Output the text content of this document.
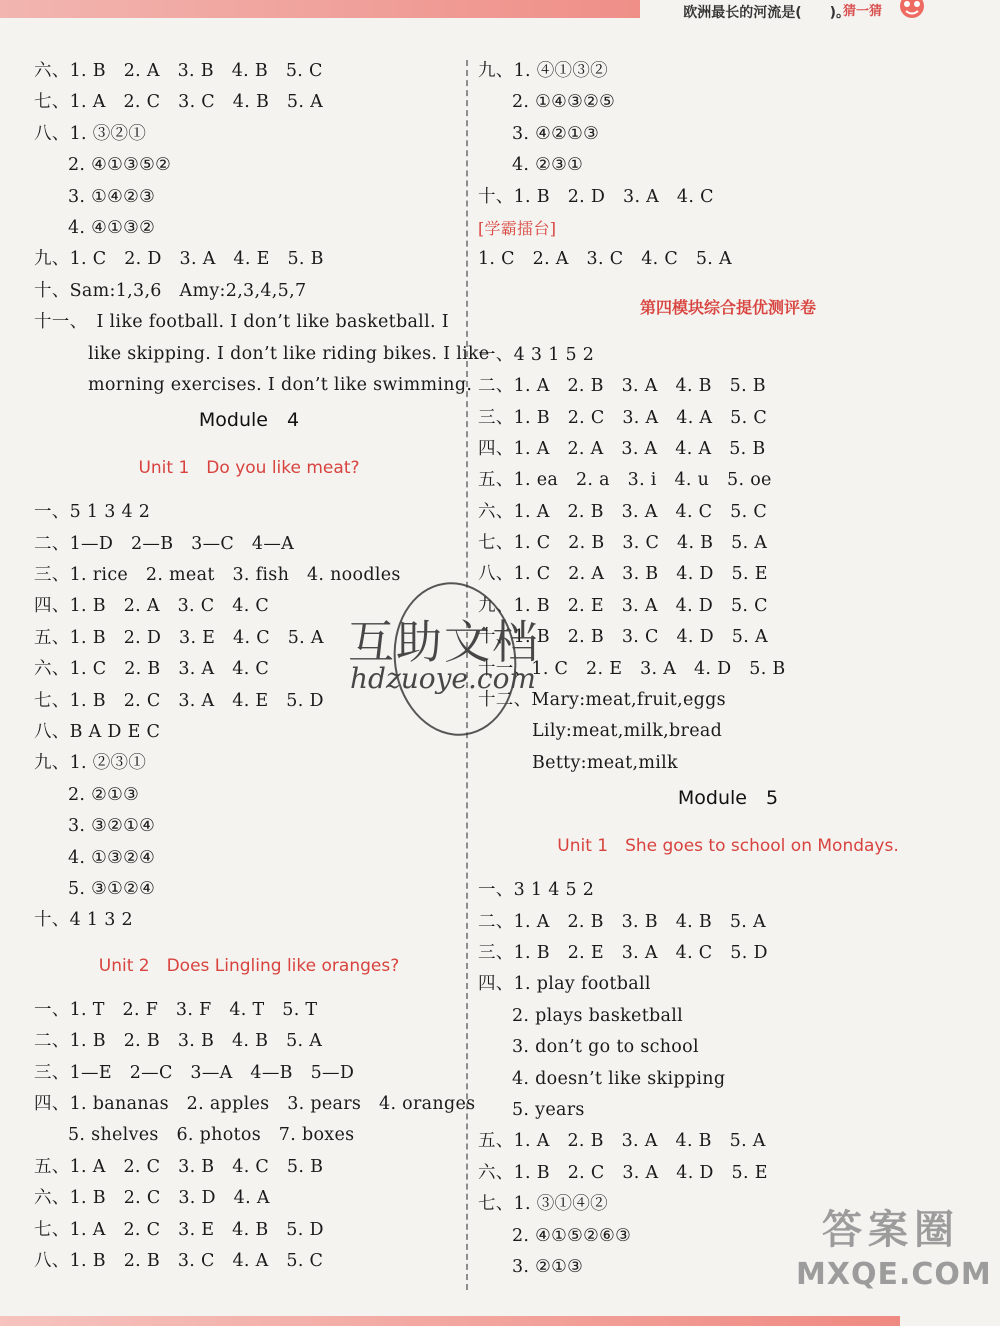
欧洲最长的河流是(　　)。
猜一猜
六、1. B　2. A　3. B　4. B　5. C
七、1. A　2. C　3. C　4. B　5. A
八、1. ③②①
2. ④①③⑤②
3. ①④②③
4. ④①③②
九、1. C　2. D　3. A　4. E　5. B
十、Sam:1,3,6　Amy:2,3,4,5,7
十一、　I like football. I don’t like basketball. I
like skipping. I don’t like riding bikes. I like
morning exercises. I don’t like swimming.
Module　4
Unit 1　Do you like meat?
一、5 1 3 4 2
二、1—D　2—B　3—C　4—A
三、1. rice　2. meat　3. fish　4. noodles
四、1. B　2. A　3. C　4. C
五、1. B　2. D　3. E　4. C　5. A
六、1. C　2. B　3. A　4. C
七、1. B　2. C　3. A　4. E　5. D
八、B A D E C
九、1. ②③①
2. ②①③
3. ③②①④
4. ①③②④
5. ③①②④
十、4 1 3 2
Unit 2　Does Lingling like oranges?
一、1. T　2. F　3. F　4. T　5. T
二、1. B　2. B　3. B　4. B　5. A
三、1—E　2—C　3—A　4—B　5—D
四、1. bananas　2. apples　3. pears　4. oranges
5. shelves　6. photos　7. boxes
五、1. A　2. C　3. B　4. C　5. B
六、1. B　2. C　3. D　4. A
七、1. A　2. C　3. E　4. B　5. D
八、1. B　2. B　3. C　4. A　5. C
九、1. ④①③②
2. ①④③②⑤
3. ④②①③
4. ②③①
十、1. B　2. D　3. A　4. C
[学霸擂台]
1. C　2. A　3. C　4. C　5. A
第四模块综合提优测评卷
一、4 3 1 5 2
二、1. A　2. B　3. A　4. B　5. B
三、1. B　2. C　3. A　4. A　5. C
四、1. A　2. A　3. A　4. A　5. B
五、1. ea　2. a　3. i　4. u　5. oe
六、1. A　2. B　3. A　4. C　5. C
七、1. C　2. B　3. C　4. B　5. A
八、1. C　2. A　3. B　4. D　5. E
九、1. B　2. E　3. A　4. D　5. C
十、1. B　2. B　3. C　4. D　5. A
十一、1. C　2. E　3. A　4. D　5. B
十二、Mary:meat,fruit,eggs
Lily:meat,milk,bread
Betty:meat,milk
Module　5
Unit 1　She goes to school on Mondays.
一、3 1 4 5 2
二、1. A　2. B　3. B　4. B　5. A
三、1. B　2. E　3. A　4. C　5. D
四、1. play football
2. plays basketball
3. don’t go to school
4. doesn’t like skipping
5. years
五、1. A　2. B　3. A　4. B　5. A
六、1. B　2. C　3. A　4. D　5. E
七、1. ③①④②
2. ④①⑤②⑥③
3. ②①③
互助文档
hdzuoye.com
答案圈
MXQE.COM
